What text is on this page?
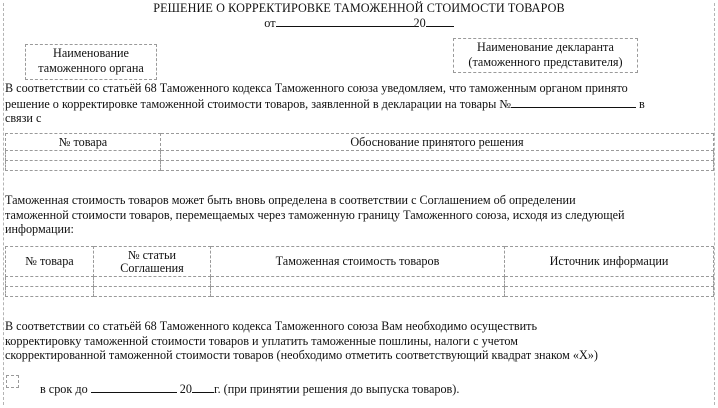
РЕШЕНИЕ О КОРРЕКТИРОВКЕ ТАМОЖЕННОЙ СТОИМОСТИ ТОВАРОВ
от	20
Наименование
таможенного органа
Наименование декларанта
(таможенного представителя)
В соответствии со статьёй 68 Таможенного кодекса Таможенного союза уведомляем, что таможенным органом принято
решение о корректировке таможенной стоимости товаров, заявленной в декларации на товары №	в
связи с
№ товара	Обоснование принятого решения

Таможенная стоимость товаров может быть вновь определена в соответствии с Соглашением об определении
таможенной стоимости товаров, перемещаемых через таможенную границу Таможенного союза, исходя из следующей
информации:
№ товара	№ статьи Соглашения	Таможенная стоимость товаров	Источник информации

В соответствии со статьёй 68 Таможенного кодекса Таможенного союза Вам необходимо осуществить
корректировку таможенной стоимости товаров и уплатить таможенные пошлины, налоги с учетом
скорректированной таможенной стоимости товаров (необходимо отметить соответствующий квадрат знаком «Х»)
в срок до	20 г. (при принятии решения до выпуска товаров).
